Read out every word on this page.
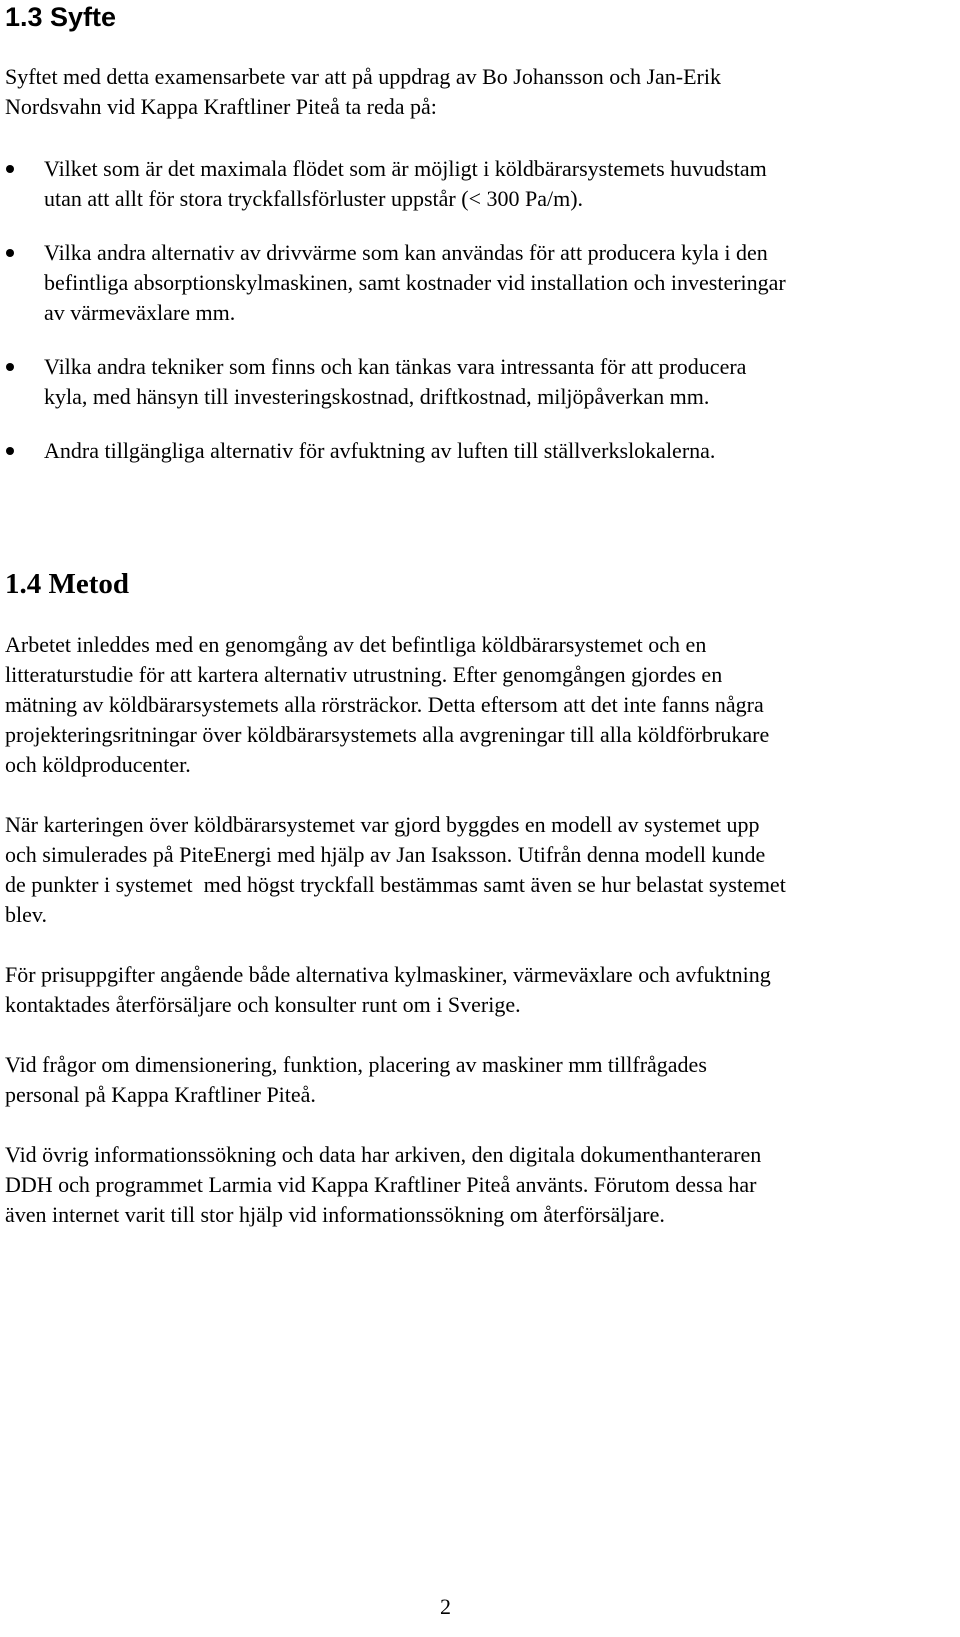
1.3 Syfte

Syftet med detta examensarbete var att på uppdrag av Bo Johansson och Jan-Erik
Nordsvahn vid Kappa Kraftliner Piteå ta reda på:

Vilket som är det maximala flödet som är möjligt i köldbärarsystemets huvudstam
utan att allt för stora tryckfallsförluster uppstår (< 300 Pa/m).
Vilka andra alternativ av drivvärme som kan användas för att producera kyla i den
befintliga absorptionskylmaskinen, samt kostnader vid installation och investeringar
av värmeväxlare mm.
Vilka andra tekniker som finns och kan tänkas vara intressanta för att producera
kyla, med hänsyn till investeringskostnad, driftkostnad, miljöpåverkan mm.
Andra tillgängliga alternativ för avfuktning av luften till ställverkslokalerna.
1.4 Metod

Arbetet inleddes med en genomgång av det befintliga köldbärarsystemet och en
litteraturstudie för att kartera alternativ utrustning. Efter genomgången gjordes en
mätning av köldbärarsystemets alla rörsträckor. Detta eftersom att det inte fanns några
projekteringsritningar över köldbärarsystemets alla avgreningar till alla köldförbrukare
och köldproducenter.

När karteringen över köldbärarsystemet var gjord byggdes en modell av systemet upp
och simulerades på PiteEnergi med hjälp av Jan Isaksson. Utifrån denna modell kunde
de punkter i systemet  med högst tryckfall bestämmas samt även se hur belastat systemet
blev.

För prisuppgifter angående både alternativa kylmaskiner, värmeväxlare och avfuktning
kontaktades återförsäljare och konsulter runt om i Sverige.

Vid frågor om dimensionering, funktion, placering av maskiner mm tillfrågades
personal på Kappa Kraftliner Piteå.

Vid övrig informationssökning och data har arkiven, den digitala dokumenthanteraren
DDH och programmet Larmia vid Kappa Kraftliner Piteå använts. Förutom dessa har
även internet varit till stor hjälp vid informationssökning om återförsäljare.

2
